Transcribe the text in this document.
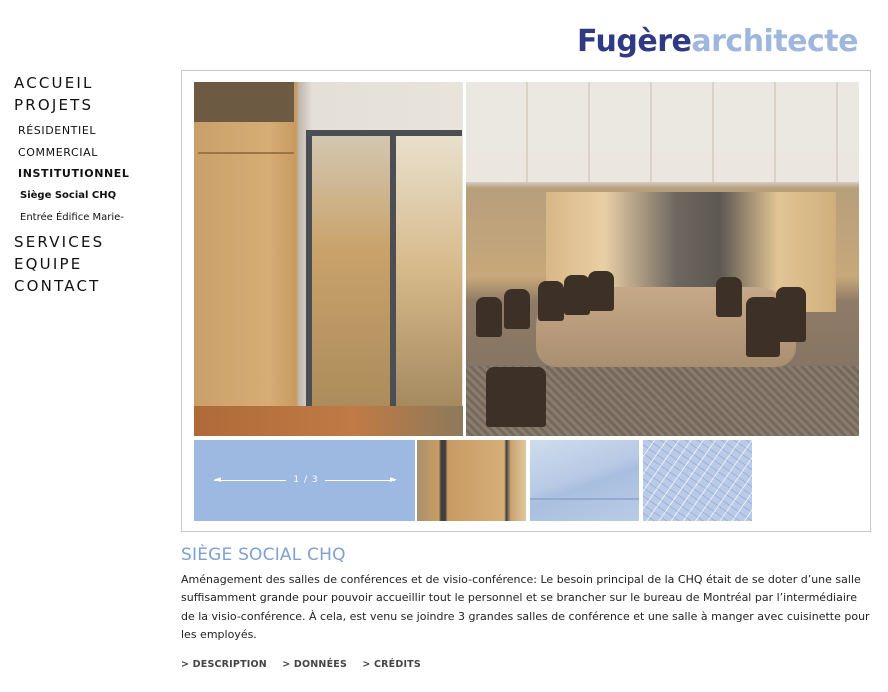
Fugèrearchitecte
ACCUEIL
PROJETS
RÉSIDENTIEL
COMMERCIAL
INSTITUTIONNEL
Siège Social CHQ
Entrée Édifice Marie-
SERVICES
EQUIPE
CONTACT
1 / 3	►
SIÈGE SOCIAL CHQ
Aménagement des salles de conférences et de visio-conférence: Le besoin principal de la CHQ était de se doter d’une salle suffisamment grande pour pouvoir accueillir tout le personnel et se brancher sur le bureau de Montréal par l’intermédiaire de la visio-conférence. À cela, est venu se joindre 3 grandes salles de conférence et une salle à manger avec cuisinette pour les employés.
> DESCRIPTION > DONNÉES > CRÉDITS
